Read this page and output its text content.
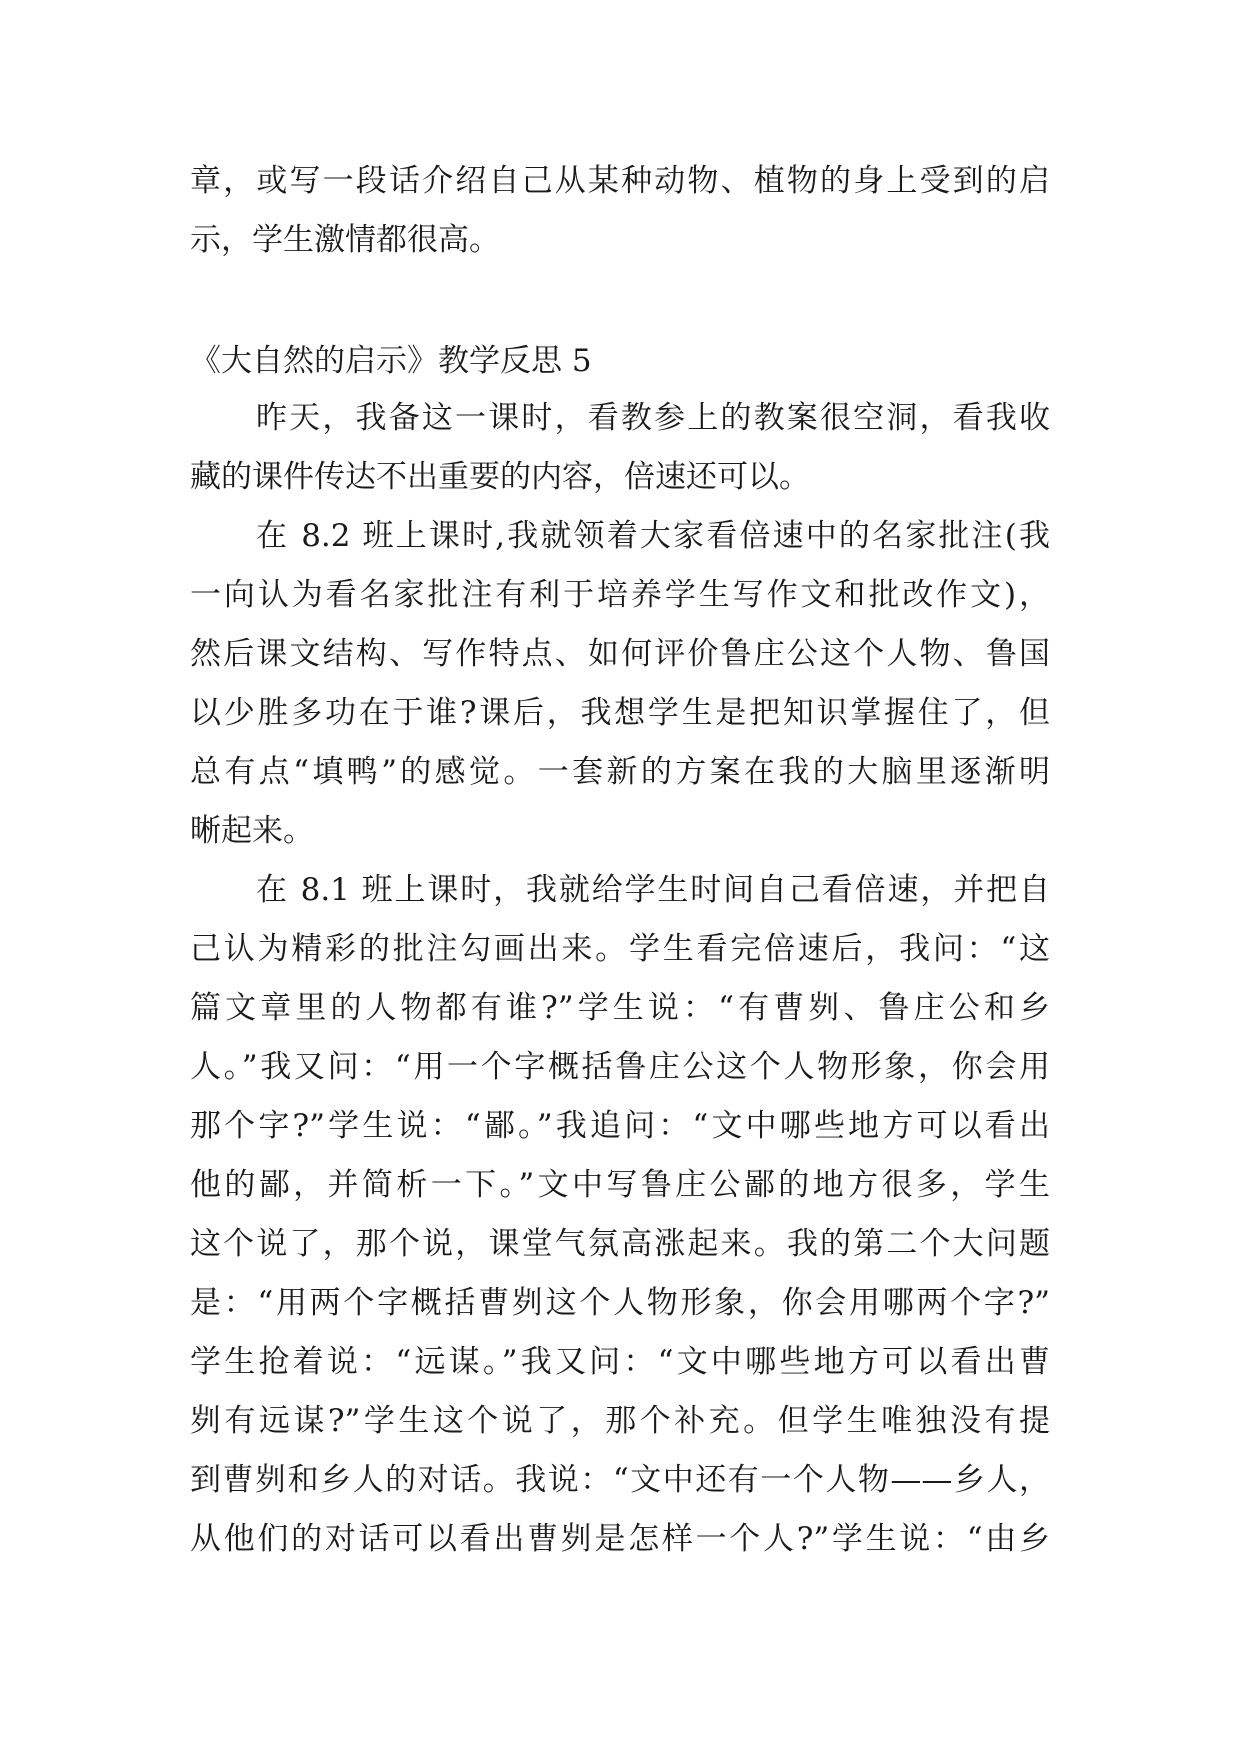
章，或写一段话介绍自己从某种动物、植物的身上受到的启
示，学生激情都很高。
《大自然的启示》教学反思 5
昨天，我备这一课时，看教参上的教案很空洞，看我收
藏的课件传达不出重要的内容，倍速还可以。
在 8.2 班上课时,我就领着大家看倍速中的名家批注(我
一向认为看名家批注有利于培养学生写作文和批改作文)，
然后课文结构、写作特点、如何评价鲁庄公这个人物、鲁国
以少胜多功在于谁?课后，我想学生是把知识掌握住了，但
总有点“填鸭”的感觉。一套新的方案在我的大脑里逐渐明
晰起来。
在 8.1 班上课时，我就给学生时间自己看倍速，并把自
己认为精彩的批注勾画出来。学生看完倍速后，我问：“这
篇文章里的人物都有谁?”学生说：“有曹刿、鲁庄公和乡
人。”我又问：“用一个字概括鲁庄公这个人物形象，你会用
那个字?”学生说：“鄙。”我追问：“文中哪些地方可以看出
他的鄙，并简析一下。”文中写鲁庄公鄙的地方很多，学生
这个说了，那个说，课堂气氛高涨起来。我的第二个大问题
是：“用两个字概括曹刿这个人物形象，你会用哪两个字?”
学生抢着说：“远谋。”我又问：“文中哪些地方可以看出曹
刿有远谋?”学生这个说了，那个补充。但学生唯独没有提
到曹刿和乡人的对话。我说：“文中还有一个人物——乡人，
从他们的对话可以看出曹刿是怎样一个人?”学生说：“由乡
